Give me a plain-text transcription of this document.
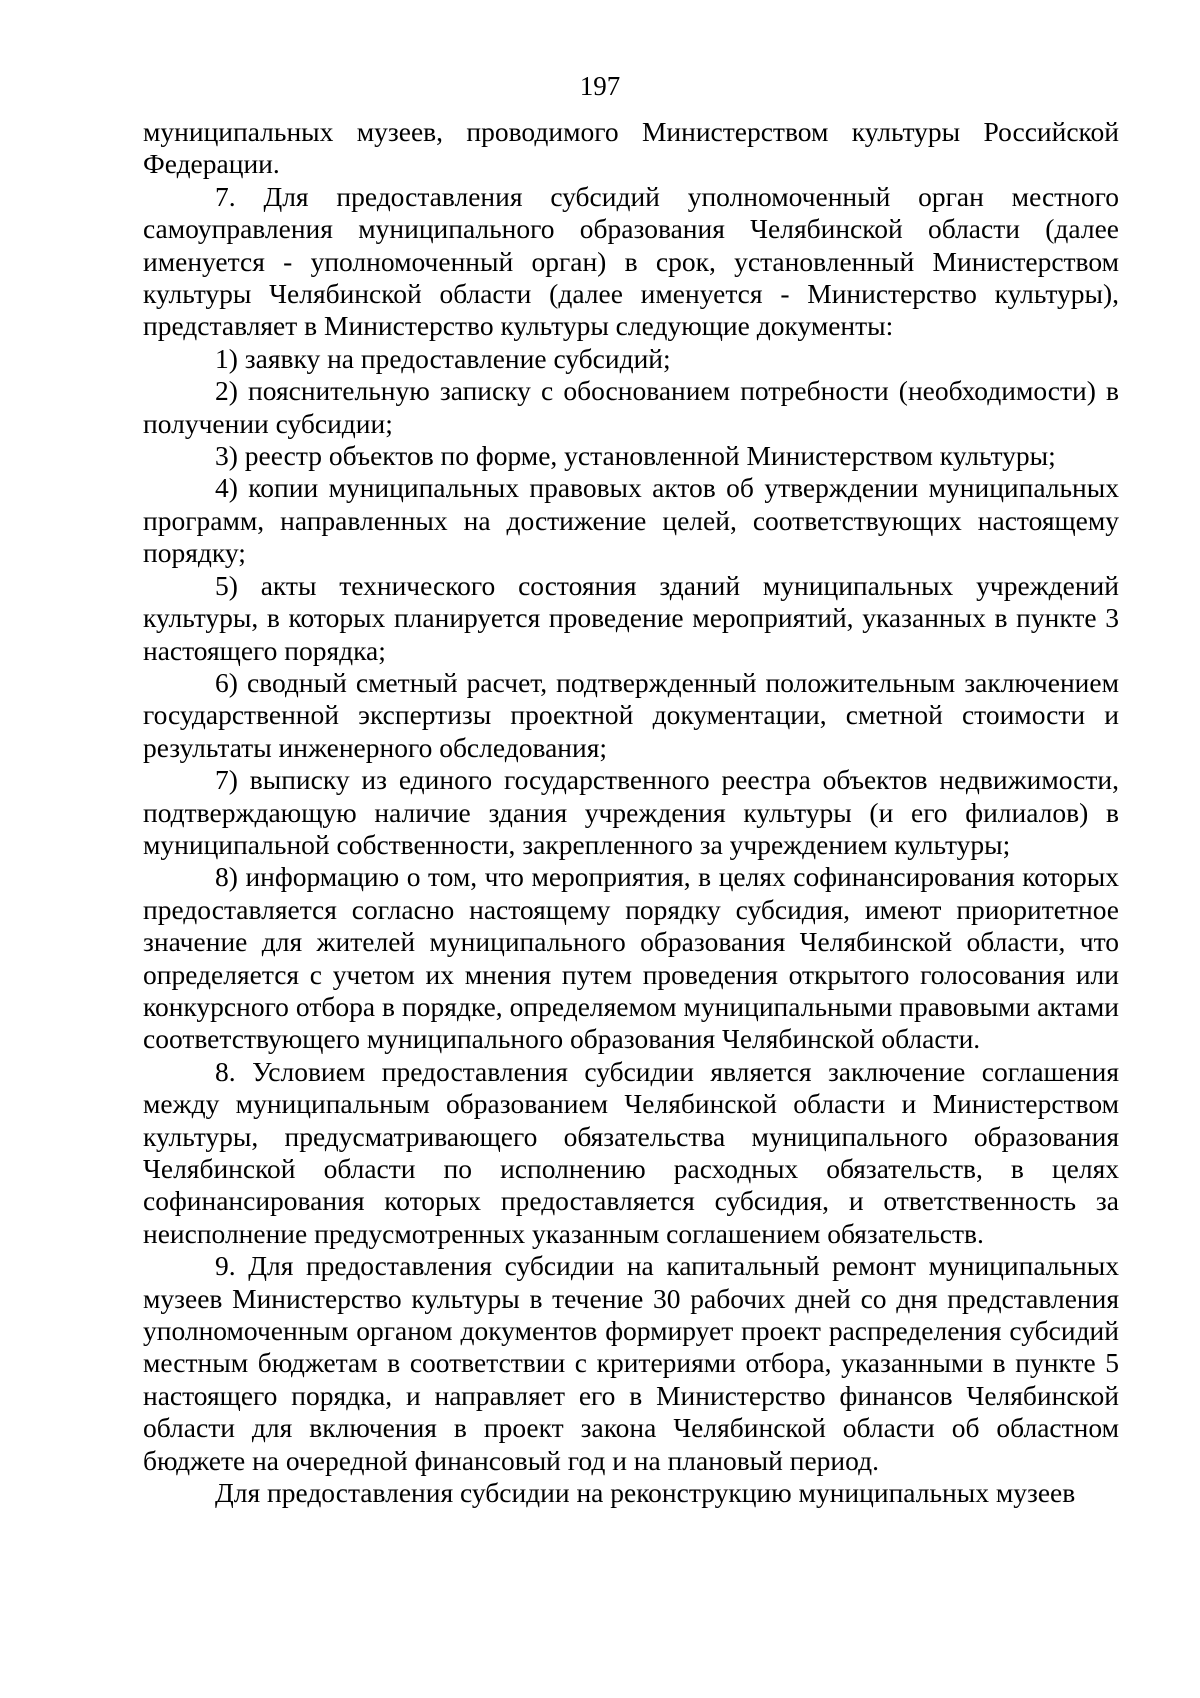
197

муниципальных музеев, проводимого Министерством культуры Российской Федерации.

7. Для предоставления субсидий уполномоченный орган местного самоуправления муниципального образования Челябинской области (далее именуется - уполномоченный орган) в срок, установленный Министерством культуры Челябинской области (далее именуется - Министерство культуры), представляет в Министерство культуры следующие документы:

1) заявку на предоставление субсидий;

2) пояснительную записку с обоснованием потребности (необходимости) в получении субсидии;

3) реестр объектов по форме, установленной Министерством культуры;

4) копии муниципальных правовых актов об утверждении муниципальных программ, направленных на достижение целей, соответствующих настоящему порядку;

5) акты технического состояния зданий муниципальных учреждений культуры, в которых планируется проведение мероприятий, указанных в пункте 3 настоящего порядка;

6) сводный сметный расчет, подтвержденный положительным заключением государственной экспертизы проектной документации, сметной стоимости и результаты инженерного обследования;

7) выписку из единого государственного реестра объектов недвижимости, подтверждающую наличие здания учреждения культуры (и его филиалов) в муниципальной собственности, закрепленного за учреждением культуры;

8) информацию о том, что мероприятия, в целях софинансирования которых предоставляется согласно настоящему порядку субсидия, имеют приоритетное значение для жителей муниципального образования Челябинской области, что определяется с учетом их мнения путем проведения открытого голосования или конкурсного отбора в порядке, определяемом муниципальными правовыми актами соответствующего муниципального образования Челябинской области.

8. Условием предоставления субсидии является заключение соглашения между муниципальным образованием Челябинской области и Министерством культуры, предусматривающего обязательства муниципального образования Челябинской области по исполнению расходных обязательств, в целях софинансирования которых предоставляется субсидия, и ответственность за неисполнение предусмотренных указанным соглашением обязательств.

9. Для предоставления субсидии на капитальный ремонт муниципальных музеев Министерство культуры в течение 30 рабочих дней со дня представления уполномоченным органом документов формирует проект распределения субсидий местным бюджетам в соответствии с критериями отбора, указанными в пункте 5 настоящего порядка, и направляет его в Министерство финансов Челябинской области для включения в проект закона Челябинской области об областном бюджете на очередной финансовый год и на плановый период.

Для предоставления субсидии на реконструкцию муниципальных музеев
